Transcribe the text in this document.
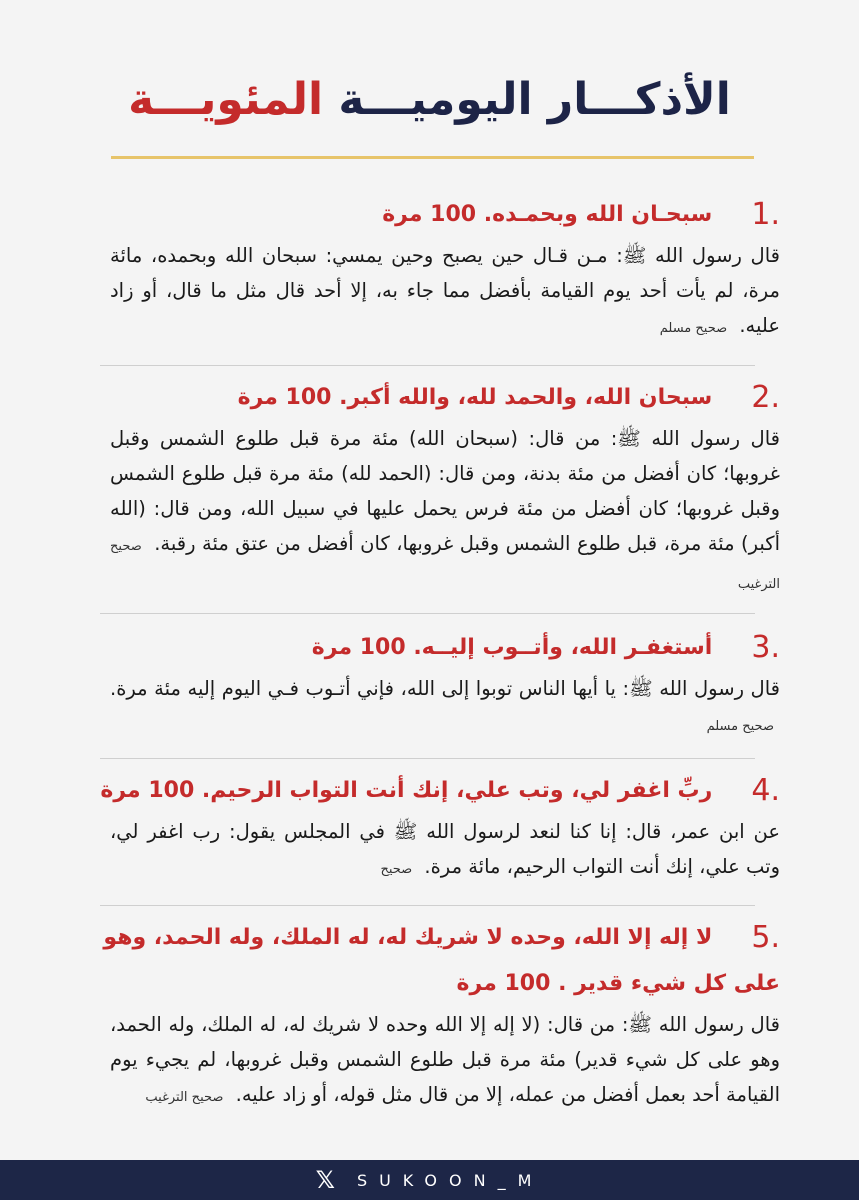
الأذكـــار اليوميـــة المئويـــة
1. سبحـان الله وبحمـده. 100 مرة
قال رسول الله ﷺ: مـن قـال حين يصبح وحين يمسي: سبحان الله وبحمده، مائة مرة، لم يأت أحد يوم القيامة بأفضل مما جاء به، إلا أحد قال مثل ما قال، أو زاد عليه. صحيح مسلم
2. سبحان الله، والحمد لله، والله أكبر. 100 مرة
قال رسول الله ﷺ: من قال: (سبحان الله) مئة مرة قبل طلوع الشمس وقبل غروبها؛ كان أفضل من مئة بدنة، ومن قال: (الحمد لله) مئة مرة قبل طلوع الشمس وقبل غروبها؛ كان أفضل من مئة فرس يحمل عليها في سبيل الله، ومن قال: (الله أكبر) مئة مرة، قبل طلوع الشمس وقبل غروبها، كان أفضل من عتق مئة رقبة. صحيح الترغيب
3. أستغفـر الله، وأتــوب إليــه. 100 مرة
قال رسول الله ﷺ: يا أيها الناس توبوا إلى الله، فإني أتـوب فـي اليوم إليه مئة مرة. صحيح مسلم
4. ربِّ اغفر لي، وتب علي، إنك أنت التواب الرحيم. 100 مرة
عن ابن عمر، قال: إنا كنا لنعد لرسول الله ﷺ في المجلس يقول: رب اغفر لي، وتب علي، إنك أنت التواب الرحيم، مائة مرة. صحيح
5. لا إله إلا الله، وحده لا شريك له، له الملك، وله الحمد، وهو على كل شيء قدير . 100 مرة
قال رسول الله ﷺ: من قال: (لا إله إلا الله وحده لا شريك له، له الملك، وله الحمد، وهو على كل شيء قدير) مئة مرة قبل طلوع الشمس وقبل غروبها، لم يجيء يوم القيامة أحد بعمل أفضل من عمله، إلا من قال مثل قوله، أو زاد عليه. صحيح الترغيب
𝕏 SUKOON_M
